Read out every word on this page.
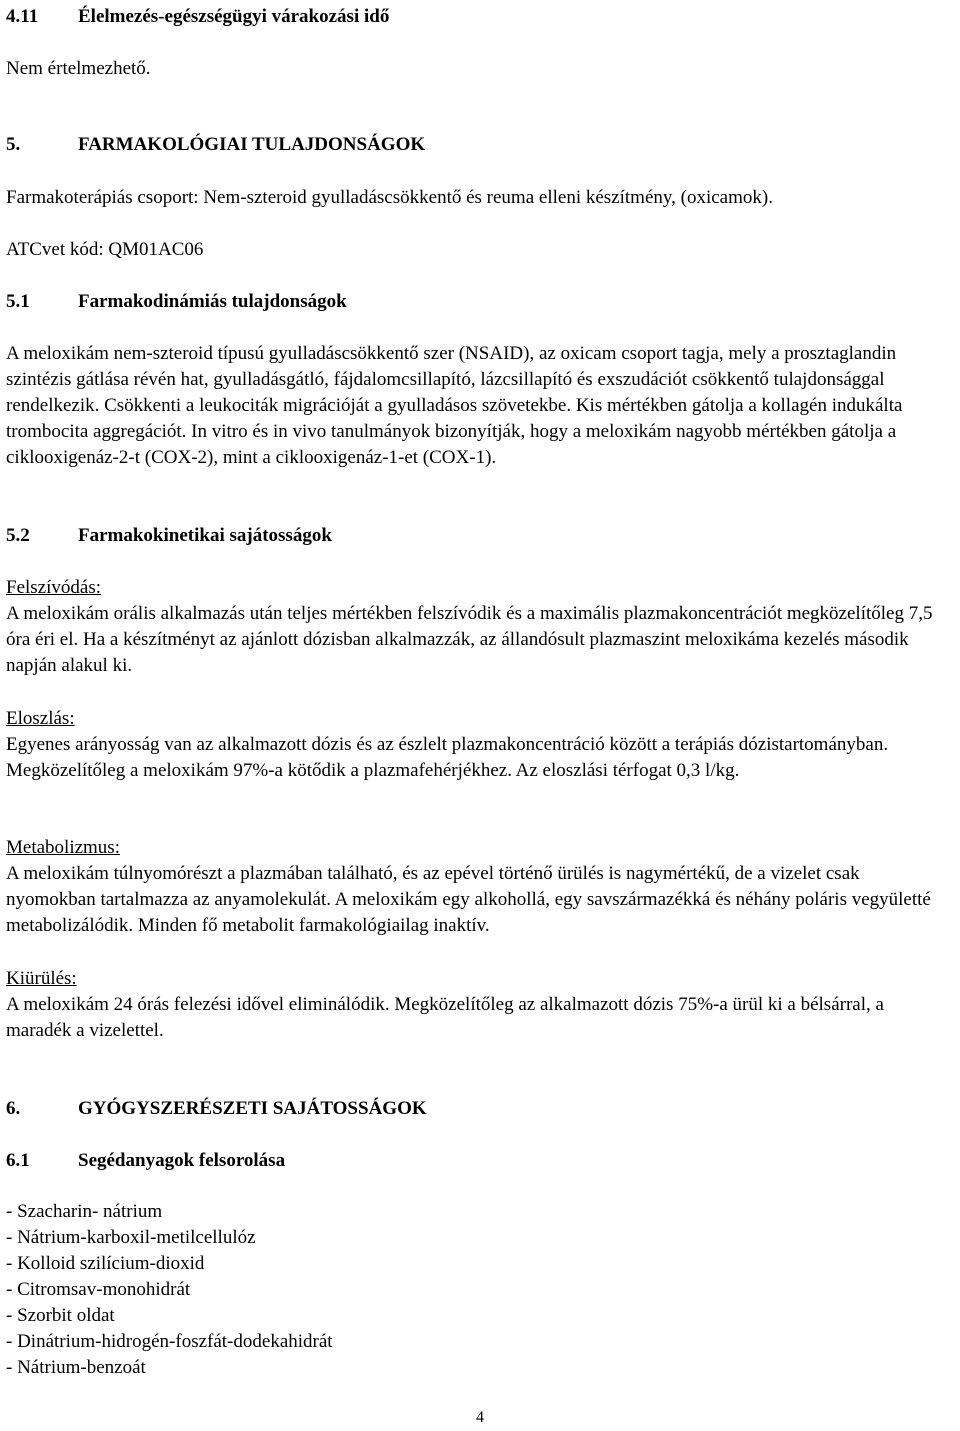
4.11 Élelmezés-egészségügyi várakozási idő

Nem értelmezhető.

5.	FARMAKOLÓGIAI TULAJDONSÁGOK

Farmakoterápiás csoport: Nem-szteroid gyulladáscsökkentő és reuma elleni készítmény, (oxicamok).

ATCvet kód: QM01AC06

5.1	Farmakodinámiás tulajdonságok

A meloxikám nem-szteroid típusú gyulladáscsökkentő szer (NSAID), az oxicam csoport tagja, mely a prosztaglandin szintézis gátlása révén hat, gyulladásgátló, fájdalomcsillapító, lázcsillapító és exszudációt csökkentő tulajdonsággal rendelkezik. Csökkenti a leukociták migrációját a gyulladásos szövetekbe. Kis mértékben gátolja a kollagén indukálta trombocita aggregációt. In vitro és in vivo tanulmányok bizonyítják, hogy a meloxikám nagyobb mértékben gátolja a ciklooxigenáz-2-t (COX-2), mint a ciklooxigenáz-1-et (COX-1).

5.2	Farmakokinetikai sajátosságok

Felszívódás:

A meloxikám orális alkalmazás után teljes mértékben felszívódik és a maximális plazmakoncentrációt megközelítőleg 7,5 óra éri el. Ha a készítményt az ajánlott dózisban alkalmazzák, az állandósult plazmaszint meloxikáma kezelés második napján alakul ki.

Eloszlás:

Egyenes arányosság van az alkalmazott dózis és az észlelt plazmakoncentráció között a terápiás dózistartományban. Megközelítőleg a meloxikám 97%-a kötődik a plazmafehérjékhez. Az eloszlási térfogat 0,3 l/kg.

Metabolizmus:

A meloxikám túlnyomórészt a plazmában található, és az epével történő ürülés is nagymértékű, de a vizelet csak nyomokban tartalmazza az anyamolekulát. A meloxikám egy alkohollá, egy savszármazékká és néhány poláris vegyületté metabolizálódik. Minden fő metabolit farmakológiailag inaktív.

Kiürülés:

A meloxikám 24 órás felezési idővel eliminálódik. Megközelítőleg az alkalmazott dózis 75%-a ürül ki a bélsárral, a maradék a vizelettel.

6.	GYÓGYSZERÉSZETI SAJÁTOSSÁGOK
6.1	Segédanyagok felsorolása
- Szacharin- nátrium
- Nátrium-karboxil-metilcellulóz
- Kolloid szilícium-dioxid
- Citromsav-monohidrát
- Szorbit oldat
- Dinátrium-hidrogén-foszfát-dodekahidrát
- Nátrium-benzoát
4
